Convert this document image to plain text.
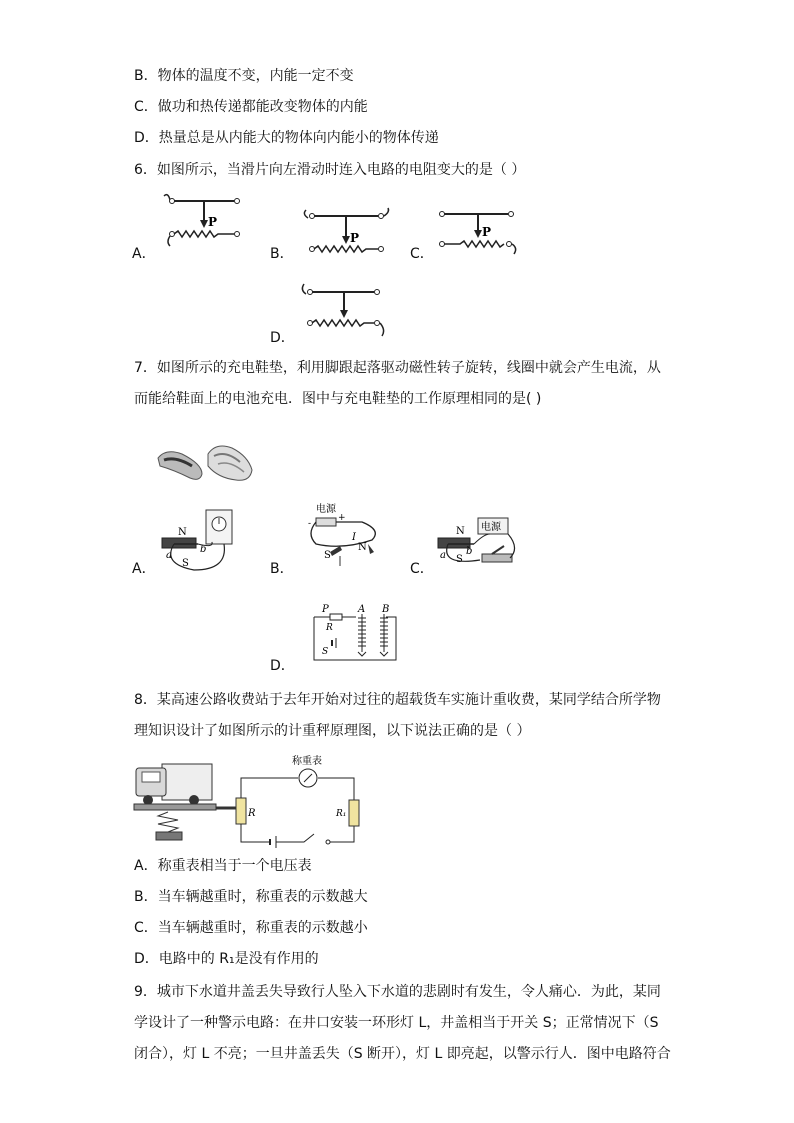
B．物体的温度不变，内能一定不变
C．做功和热传递都能改变物体的内能
D．热量总是从内能大的物体向内能小的物体传递
6．如图所示，当滑片向左滑动时连入电路的电阻变大的是（ ）
A．
P
B．
P
C．
P
D．
7．如图所示的充电鞋垫，利用脚跟起落驱动磁性转子旋转，线圈中就会产生电流，从
而能给鞋面上的电池充电．图中与充电鞋垫的工作原理相同的是( )
A．
N
S
a
b
B．
电源
-
+
I
S
N
C．
电源
N
S
a b
D．
P	A B
R
S
8．某高速公路收费站于去年开始对过往的超载货车实施计重收费，某同学结合所学物
理知识设计了如图所示的计重秤原理图，以下说法正确的是（ ）
R
称重表
R₁
A．称重表相当于一个电压表
B．当车辆越重时，称重表的示数越大
C．当车辆越重时，称重表的示数越小
D．电路中的 R₁是没有作用的
9．城市下水道井盖丢失导致行人坠入下水道的悲剧时有发生，令人痛心．为此，某同
学设计了一种警示电路：在井口安装一环形灯 L，井盖相当于开关 S；正常情况下（S
闭合），灯 L 不亮；一旦井盖丢失（S 断开），灯 L 即亮起，以警示行人．图中电路符合
